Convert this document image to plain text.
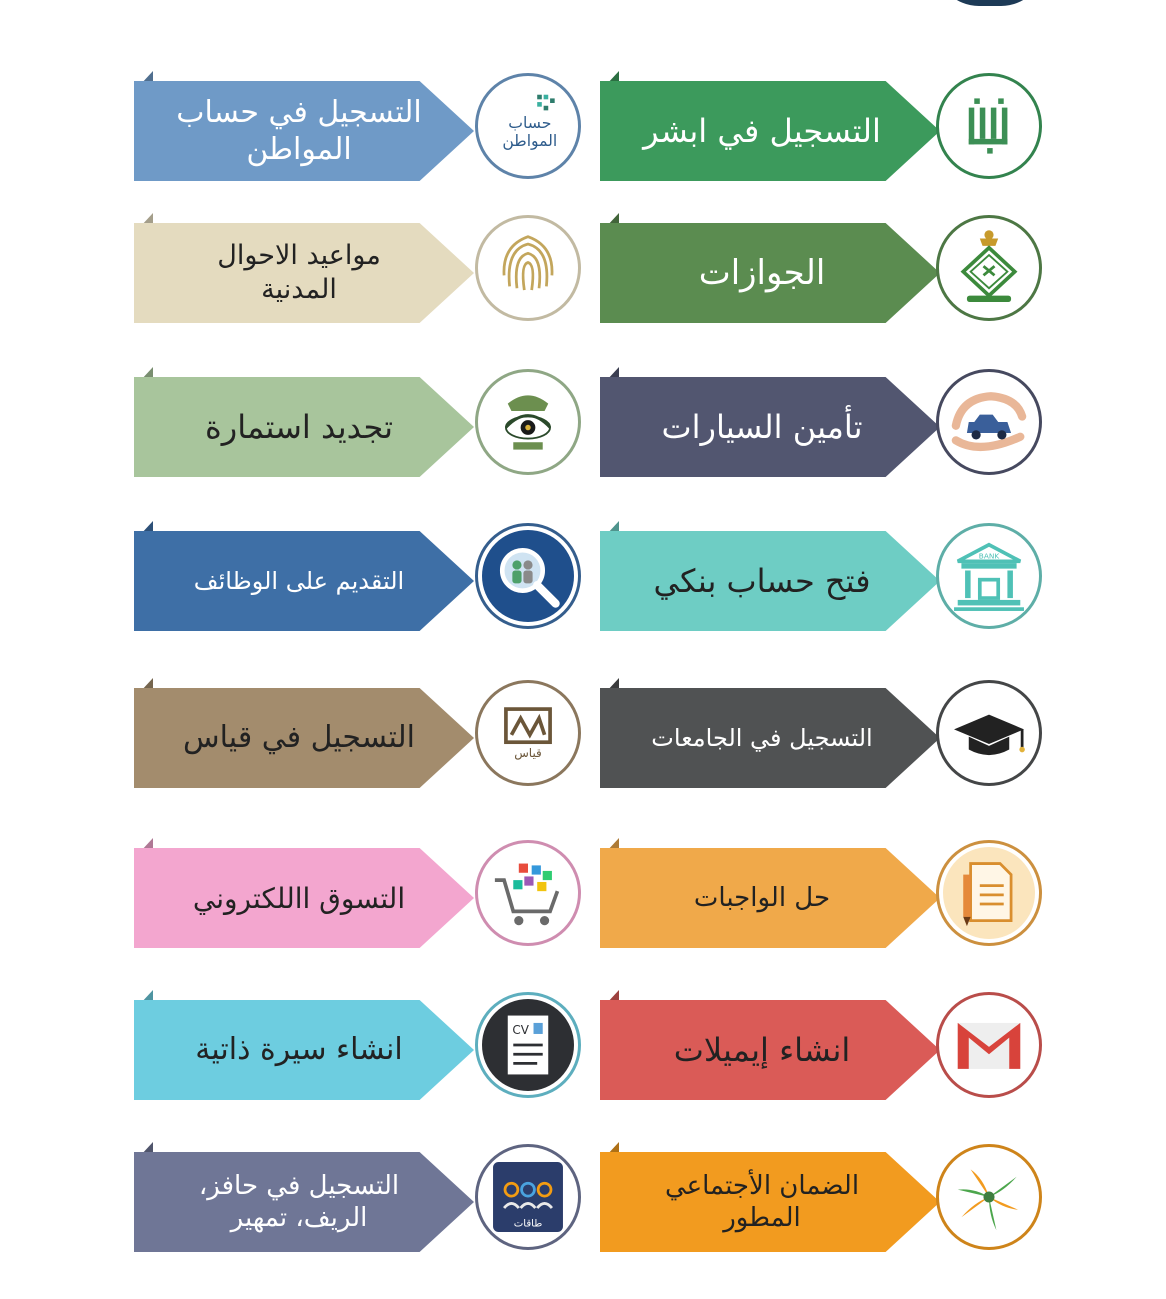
التسجيل في ابشر
الجوازات
تأمين السيارات
فتح حساب بنكي
BANK
التسجيل في الجامعات
حل الواجبات
انشاء إيميلات
الضمان الأجتماعي
المطور
التسجيل في حساب
المواطن
حساب
المواطن
مواعيد الاحوال
المدنية
تجديد استمارة
التقديم على الوظائف
التسجيل في قياس	قياس
التسوق االلكتروني
انشاء سيرة ذاتية
CV
التسجيل في حافز،
الريف، تمهير	طاقات
